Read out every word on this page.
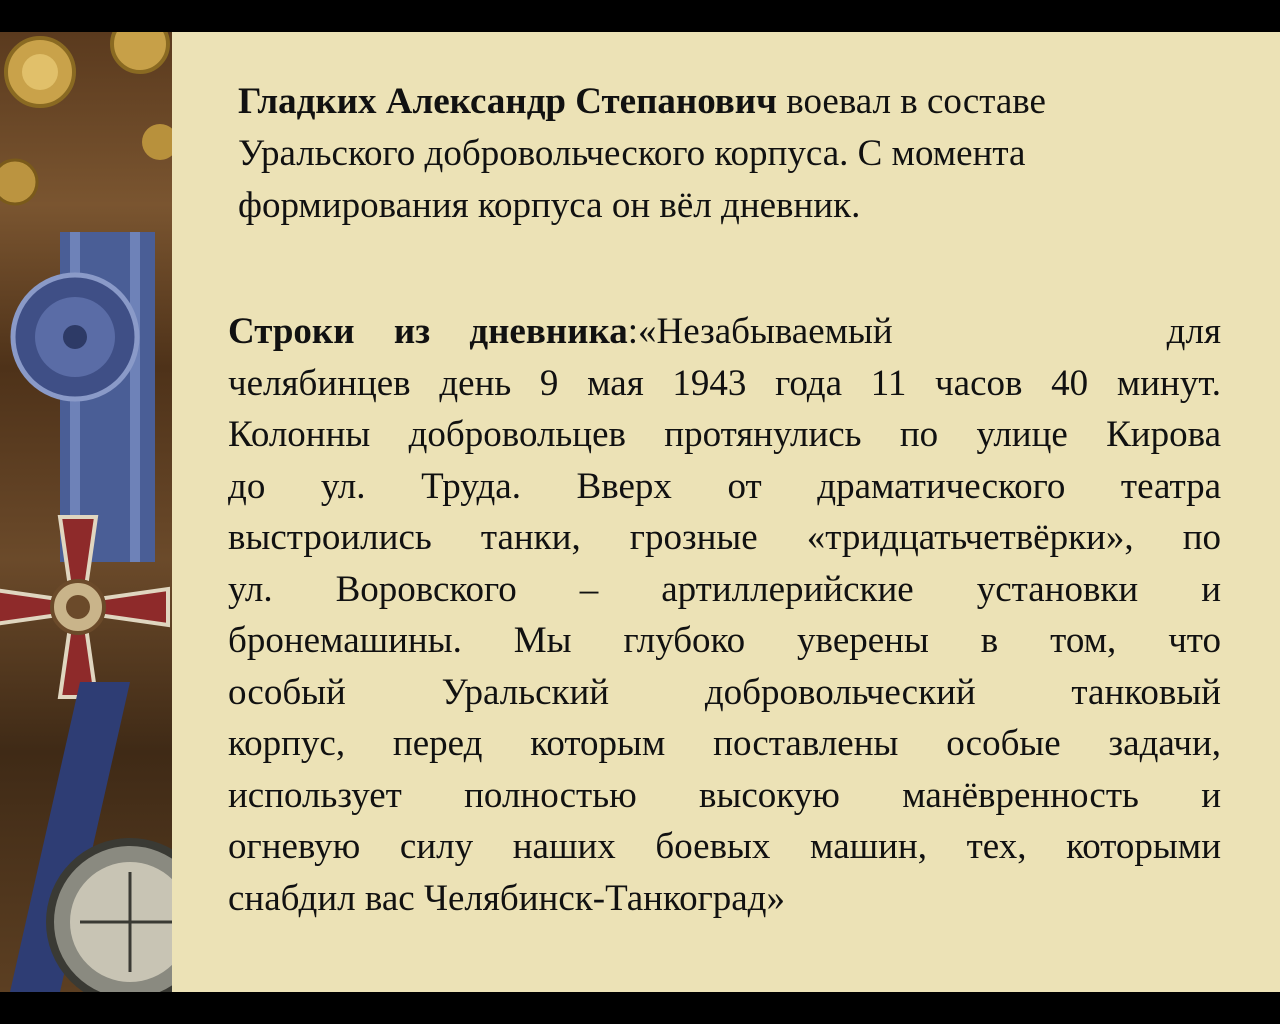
Гладких Александр Степанович воевал в составе
Уральского добровольческого корпуса. С момента
формирования корпуса он вёл дневник.
Строки из дневника:«Незабываемый для
челябинцев день 9 мая 1943 года 11 часов 40 минут.
Колонны добровольцев протянулись по улице Кирова
до ул. Труда. Вверх от драматического театра
выстроились танки, грозные «тридцатьчетвёрки», по
ул. Воровского – артиллерийские установки и
бронемашины. Мы глубоко уверены в том, что
особый Уральский добровольческий танковый
корпус, перед которым поставлены особые задачи,
использует полностью высокую манёвренность и
огневую силу наших боевых машин, тех, которыми
снабдил вас Челябинск-Танкоград»
